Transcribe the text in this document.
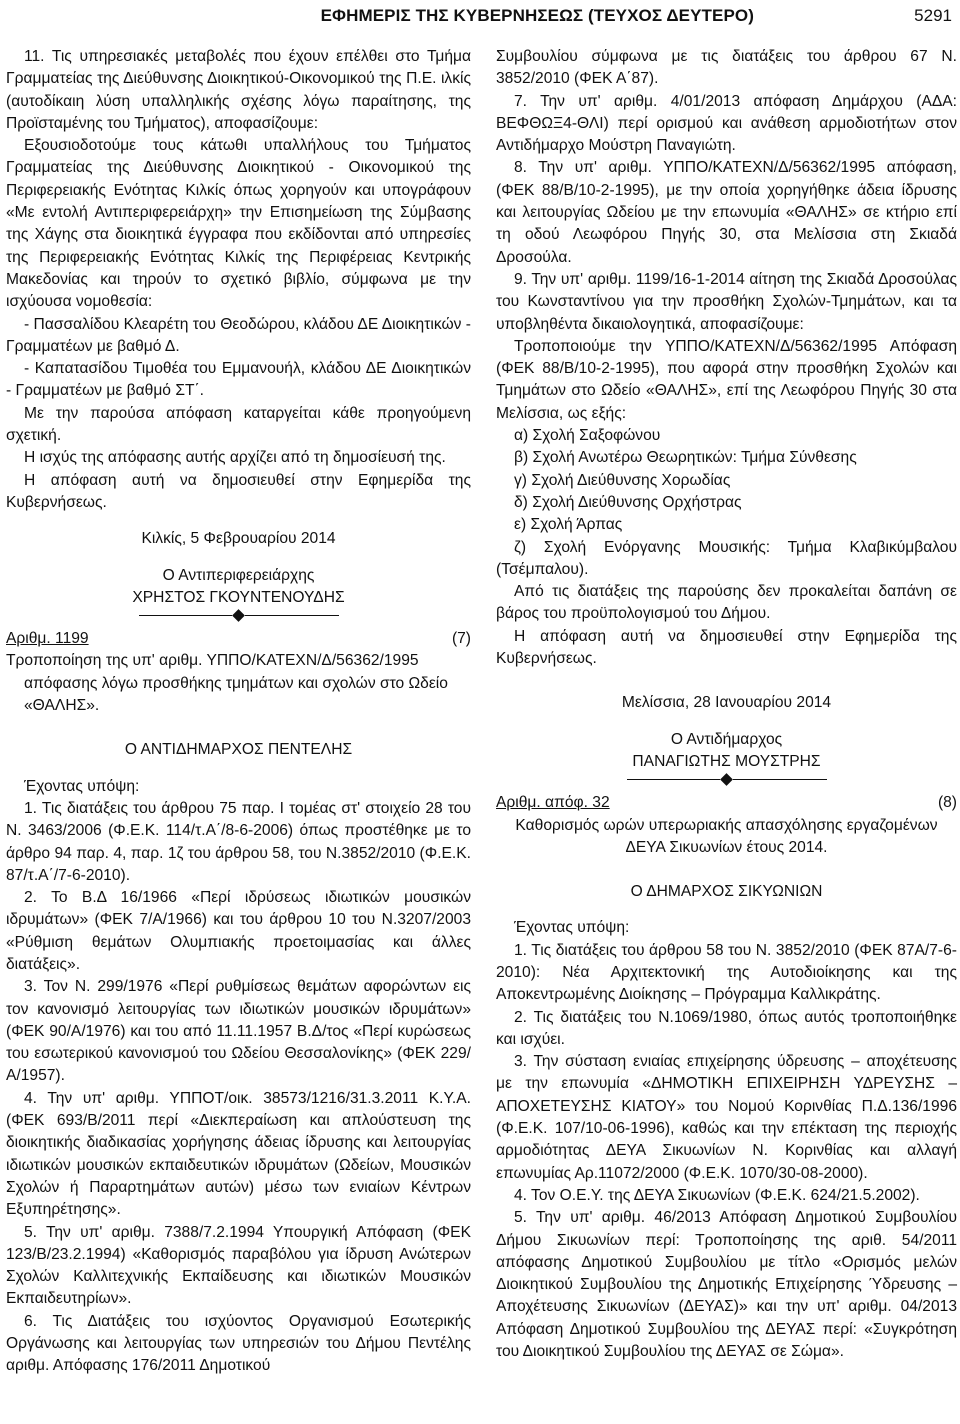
ΕΦΗΜΕΡΙΣ ΤΗΣ ΚΥΒΕΡΝΗΣΕΩΣ (ΤΕΥΧΟΣ ΔΕΥΤΕΡΟ)	5291

11. Τις υπηρεσιακές μεταβολές που έχουν επέλθει στο Τμήμα Γραμματείας της Διεύθυνσης Διοικητικού-Οικονομικού της Π.Ε. ιλκίς (αυτοδίκαιη λύση υπαλληλικής σχέσης λόγω παραίτησης, της Προϊσταμένης του Τμήματος), αποφασίζουμε:

Εξουσιοδοτούμε τους κάτωθι υπαλλήλους του Τμήματος Γραμματείας της Διεύθυνσης Διοικητικού - Οικονομικού της Περιφερειακής Ενότητας Κιλκίς όπως χορηγούν και υπογράφουν «Με εντολή Αντιπεριφερειάρχη» την Επισημείωση της Σύμβασης της Χάγης στα διοικητικά έγγραφα που εκδίδονται από υπηρεσίες της Περιφερειακής Ενότητας Κιλκίς της Περιφέρειας Κεντρικής Μακεδονίας και τηρούν το σχετικό βιβλίο, σύμφωνα με την ισχύουσα νομοθεσία:

- Πασσαλίδου Κλεαρέτη του Θεοδώρου, κλάδου ΔΕ Διοικητικών - Γραμματέων με βαθμό Δ.

- Καπατασίδου Τιμοθέα του Εμμανουήλ, κλάδου ΔΕ Διοικητικών - Γραμματέων με βαθμό ΣΤ΄.

Με την παρούσα απόφαση καταργείται κάθε προηγούμενη σχετική.

Η ισχύς της απόφασης αυτής αρχίζει από τη δημοσίευσή της.

Η απόφαση αυτή να δημοσιευθεί στην Εφημερίδα της Κυβερνήσεως.

Κιλκίς, 5 Φεβρουαρίου 2014

Ο Αντιπεριφερειάρχης

ΧΡΗΣΤΟΣ ΓΚΟΥΝΤΕΝΟΥΔΗΣ

Αριθμ. 1199	(7)

Τροποποίηση της υπ' αριθμ. ΥΠΠΟ/ΚΑΤΕΧΝ/Δ/56362/1995

απόφασης λόγω προσθήκης τμημάτων και σχολών στο Ωδείο «ΘΑΛΗΣ».

Ο ΑΝΤΙΔΗΜΑΡΧΟΣ ΠΕΝΤΕΛΗΣ

Έχοντας υπόψη:

1. Τις διατάξεις του άρθρου 75 παρ. Ι τομέας στ' στοιχείο 28 του Ν. 3463/2006 (Φ.Ε.Κ. 114/τ.Α΄/8-6-2006) όπως προστέθηκε με το άρθρο 94 παρ. 4, παρ. 1ζ του άρθρου 58, του Ν.3852/2010 (Φ.Ε.Κ. 87/τ.Α΄/7-6-2010).

2. Το Β.Δ 16/1966 «Περί ιδρύσεως ιδιωτικών μουσικών ιδρυμάτων» (ΦΕΚ 7/Α/1966) και του άρθρου 10 του Ν.3207/2003 «Ρύθμιση θεμάτων Ολυμπιακής προετοιμασίας και άλλες διατάξεις».

3. Τον Ν. 299/1976 «Περί ρυθμίσεως θεμάτων αφορώντων εις τον κανονισμό λειτουργίας των ιδιωτικών μουσικών ιδρυμάτων» (ΦΕΚ 90/Α/1976) και του από 11.11.1957 Β.Δ/τος «Περί κυρώσεως του εσωτερικού κανονισμού του Ωδείου Θεσσαλονίκης» (ΦΕΚ 229/Α/1957).

4. Την υπ' αριθμ. ΥΠΠΟΤ/οικ. 38573/1216/31.3.2011 Κ.Υ.Α. (ΦΕΚ 693/Β/2011 περί «Διεκπεραίωση και απλούστευση της διοικητικής διαδικασίας χορήγησης άδειας ίδρυσης και λειτουργίας ιδιωτικών μουσικών εκπαιδευτικών ιδρυμάτων (Ωδείων, Μουσικών Σχολών ή Παραρτημάτων αυτών) μέσω των ενιαίων Κέντρων Εξυπηρέτησης».

5. Την υπ' αριθμ. 7388/7.2.1994 Υπουργική Απόφαση (ΦΕΚ 123/Β/23.2.1994) «Καθορισμός παραβόλου για ίδρυση Ανώτερων Σχολών Καλλιτεχνικής Εκπαίδευσης και ιδιωτικών Μουσικών Εκπαιδευτηρίων».

6. Τις Διατάξεις του ισχύοντος Οργανισμού Εσωτερικής Οργάνωσης και λειτουργίας των υπηρεσιών του Δήμου Πεντέλης αριθμ. Απόφασης 176/2011 Δημοτικού

Συμβουλίου σύμφωνα με τις διατάξεις του άρθρου 67 Ν. 3852/2010 (ΦΕΚ Α΄87).

7. Την υπ' αριθμ. 4/01/2013 απόφαση Δημάρχου (ΑΔΑ: ΒΕΦΘΩΞ4-ΘΛΙ) περί ορισμού και ανάθεση αρμοδιοτήτων στον Αντιδήμαρχο Μούστρη Παναγιώτη.

8. Την υπ' αριθμ. ΥΠΠΟ/ΚΑΤΕΧΝ/Δ/56362/1995 απόφαση, (ΦΕΚ 88/Β/10-2-1995), με την οποία χορηγήθηκε άδεια ίδρυσης και λειτουργίας Ωδείου με την επωνυμία «ΘΑΛΗΣ» σε κτήριο επί τη οδού Λεωφόρου Πηγής 30, στα Μελίσσια στη Σκιαδά Δροσούλα.

9. Την υπ' αριθμ. 1199/16-1-2014 αίτηση της Σκιαδά Δροσούλας του Κωνσταντίνου για την προσθήκη Σχολών-Τμημάτων, και τα υποβληθέντα δικαιολογητικά, αποφασίζουμε:

Τροποποιούμε την ΥΠΠΟ/ΚΑΤΕΧΝ/Δ/56362/1995 Απόφαση (ΦΕΚ 88/Β/10-2-1995), που αφορά στην προσθήκη Σχολών και Τμημάτων στο Ωδείο «ΘΑΛΗΣ», επί της Λεωφόρου Πηγής 30 στα Μελίσσια, ως εξής:

α) Σχολή Σαξοφώνου

β) Σχολή Ανωτέρω Θεωρητικών: Τμήμα Σύνθεσης

γ) Σχολή Διεύθυνσης Χορωδίας

δ) Σχολή Διεύθυνσης Ορχήστρας

ε) Σχολή Άρπας

ζ) Σχολή Ενόργανης Μουσικής: Τμήμα Κλαβικύμβαλου (Τσέμπαλου).

Από τις διατάξεις της παρούσης δεν προκαλείται δαπάνη σε βάρος του προϋπολογισμού του Δήμου.

Η απόφαση αυτή να δημοσιευθεί στην Εφημερίδα της Κυβερνήσεως.

Μελίσσια, 28 Ιανουαρίου 2014

Ο Αντιδήμαρχος

ΠΑΝΑΓΙΩΤΗΣ ΜΟΥΣΤΡΗΣ

Αριθμ. απόφ. 32	(8)

Καθορισμός ωρών υπερωριακής απασχόλησης εργαζομένων ΔΕΥΑ Σικυωνίων έτους 2014.

Ο ΔΗΜΑΡΧΟΣ ΣΙΚΥΩΝΙΩΝ

Έχοντας υπόψη:

1. Τις διατάξεις του άρθρου 58 του Ν. 3852/2010 (ΦΕΚ 87Α/7-6-2010): Νέα Αρχιτεκτονική της Αυτοδιοίκησης και της Αποκεντρωμένης Διοίκησης – Πρόγραμμα Καλλικράτης.

2. Τις διατάξεις του Ν.1069/1980, όπως αυτός τροποποιήθηκε και ισχύει.

3. Την σύσταση ενιαίας επιχείρησης ύδρευσης – αποχέτευσης με την επωνυμία «ΔΗΜΟΤΙΚΗ ΕΠΙΧΕΙΡΗΣΗ ΥΔΡΕΥΣΗΣ – ΑΠΟΧΕΤΕΥΣΗΣ ΚΙΑΤΟΥ» του Νομού Κορινθίας Π.Δ.136/1996 (Φ.Ε.Κ. 107/10-06-1996), καθώς και την επέκταση της περιοχής αρμοδιότητας ΔΕΥΑ Σικυωνίων Ν. Κορινθίας και αλλαγή επωνυμίας Αρ.11072/2000 (Φ.Ε.Κ. 1070/30-08-2000).

4. Τον Ο.Ε.Υ. της ΔΕΥΑ Σικυωνίων (Φ.Ε.Κ. 624/21.5.2002).

5. Την υπ' αριθμ. 46/2013 Απόφαση Δημοτικού Συμβουλίου Δήμου Σικυωνίων περί: Τροποποίησης της αριθ. 54/2011 απόφασης Δημοτικού Συμβουλίου με τίτλο «Ορισμός μελών Διοικητικού Συμβουλίου της Δημοτικής Επιχείρησης Ύδρευσης – Αποχέτευσης Σικυωνίων (ΔΕΥΑΣ)» και την υπ' αριθμ. 04/2013 Απόφαση Δημοτικού Συμβουλίου της ΔΕΥΑΣ περί: «Συγκρότηση του Διοικητικού Συμβουλίου της ΔΕΥΑΣ σε Σώμα».
